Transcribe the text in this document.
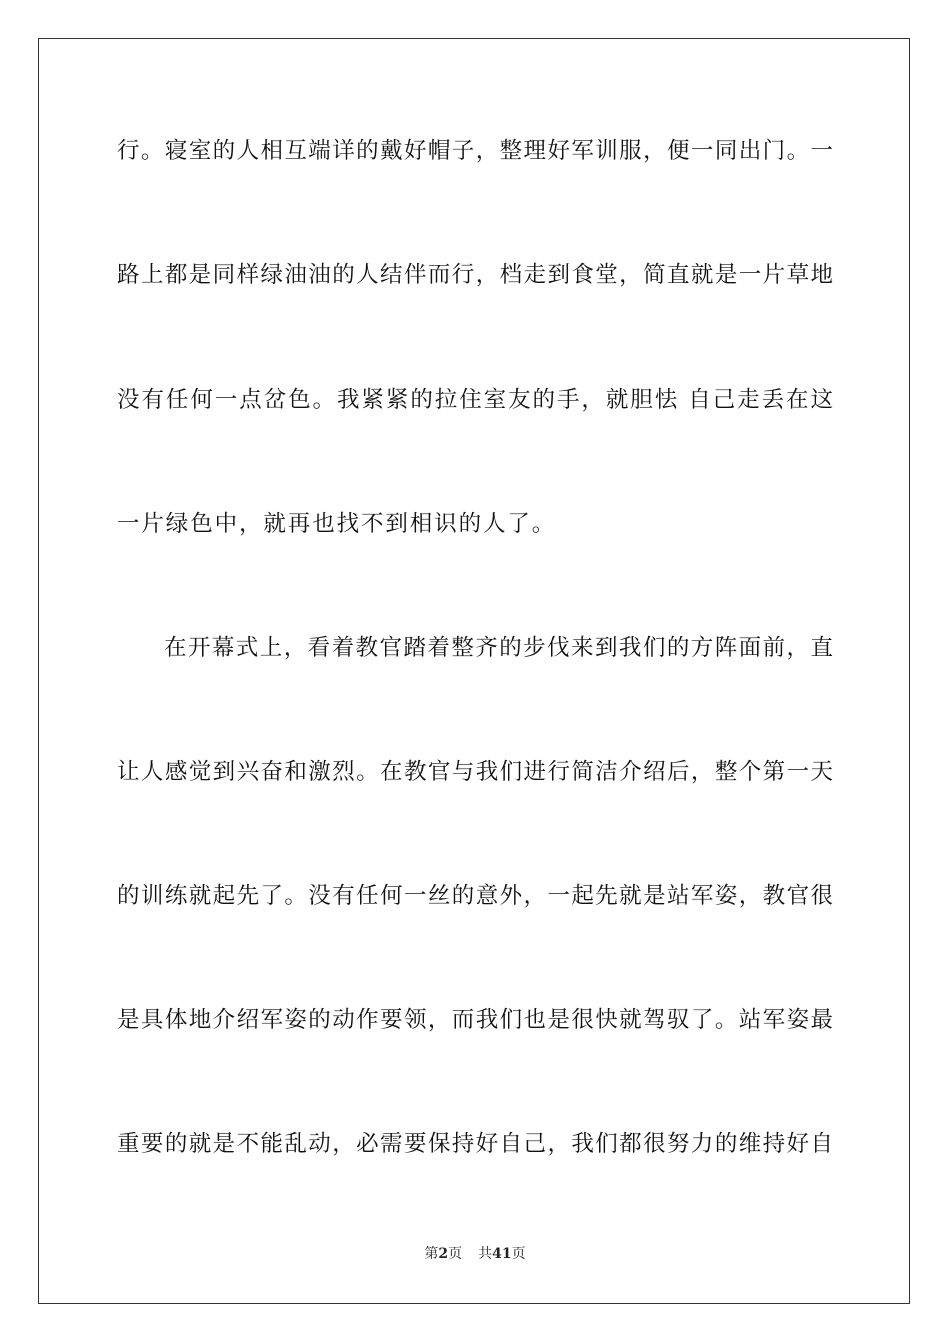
行。寝室的人相互端详的戴好帽子，整理好军训服，便一同出门。一
路上都是同样绿油油的人结伴而行，档走到食堂，简直就是一片草地
没有任何一点岔色。我紧紧的拉住室友的手，就胆怯 自己走丢在这
一片绿色中，就再也找不到相识的人了。
在开幕式上，看着教官踏着整齐的步伐来到我们的方阵面前，直
让人感觉到兴奋和激烈。在教官与我们进行简洁介绍后，整个第一天
的训练就起先了。没有任何一丝的意外，一起先就是站军姿，教官很
是具体地介绍军姿的动作要领，而我们也是很快就驾驭了。站军姿最
重要的就是不能乱动，必需要保持好自己，我们都很努力的维持好自
第2页 共41页
